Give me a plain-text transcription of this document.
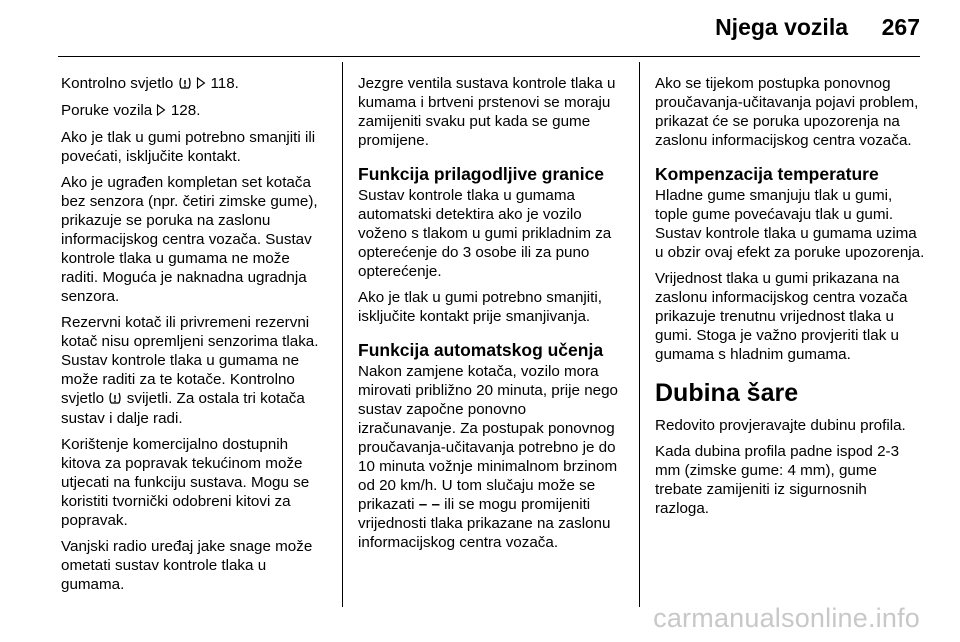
Njega vozila 267

Kontrolno svjetlo 118.

Poruke vozila 128.

Ako je tlak u gumi potrebno smanjiti ili povećati, isključite kontakt.

Ako je ugrađen kompletan set kotača bez senzora (npr. četiri zimske gume), prikazuje se poruka na zaslonu informacijskog centra vozača. Sustav kontrole tlaka u gumama ne može raditi. Moguća je naknadna ugradnja senzora.

Rezervni kotač ili privremeni rezervni kotač nisu opremljeni senzorima tlaka. Sustav kontrole tlaka u gumama ne može raditi za te kotače. Kontrolno svjetlo svijetli. Za ostala tri kotača sustav i dalje radi.

Korištenje komercijalno dostupnih kitova za popravak tekućinom može utjecati na funkciju sustava. Mogu se koristiti tvornički odobreni kitovi za popravak.

Vanjski radio uređaj jake snage može ometati sustav kontrole tlaka u gumama.

Jezgre ventila sustava kontrole tlaka u kumama i brtveni prstenovi se moraju zamijeniti svaku put kada se gume promijene.

Funkcija prilagodljive granice

Sustav kontrole tlaka u gumama automatski detektira ako je vozilo voženo s tlakom u gumi prikladnim za opterećenje do 3 osobe ili za puno opterećenje.

Ako je tlak u gumi potrebno smanjiti, isključite kontakt prije smanjivanja.

Funkcija automatskog učenja

Nakon zamjene kotača, vozilo mora mirovati približno 20 minuta, prije nego sustav započne ponovno izračunavanje. Za postupak ponovnog proučavanja-učitavanja potrebno je do 10 minuta vožnje minimalnom brzinom od 20 km/h. U tom slučaju može se prikazati – – ili se mogu promijeniti vrijednosti tlaka prikazane na zaslonu informacijskog centra vozača.

Ako se tijekom postupka ponovnog proučavanja-učitavanja pojavi problem, prikazat će se poruka upozorenja na zaslonu informacijskog centra vozača.

Kompenzacija temperature

Hladne gume smanjuju tlak u gumi, tople gume povećavaju tlak u gumi. Sustav kontrole tlaka u gumama uzima u obzir ovaj efekt za poruke upozorenja.

Vrijednost tlaka u gumi prikazana na zaslonu informacijskog centra vozača prikazuje trenutnu vrijednost tlaka u gumi. Stoga je važno provjeriti tlak u gumama s hladnim gumama.

Dubina šare

Redovito provjeravajte dubinu profila.

Kada dubina profila padne ispod 2-3 mm (zimske gume: 4 mm), gume trebate zamijeniti iz sigurnosnih razloga.

carmanualsonline.info
